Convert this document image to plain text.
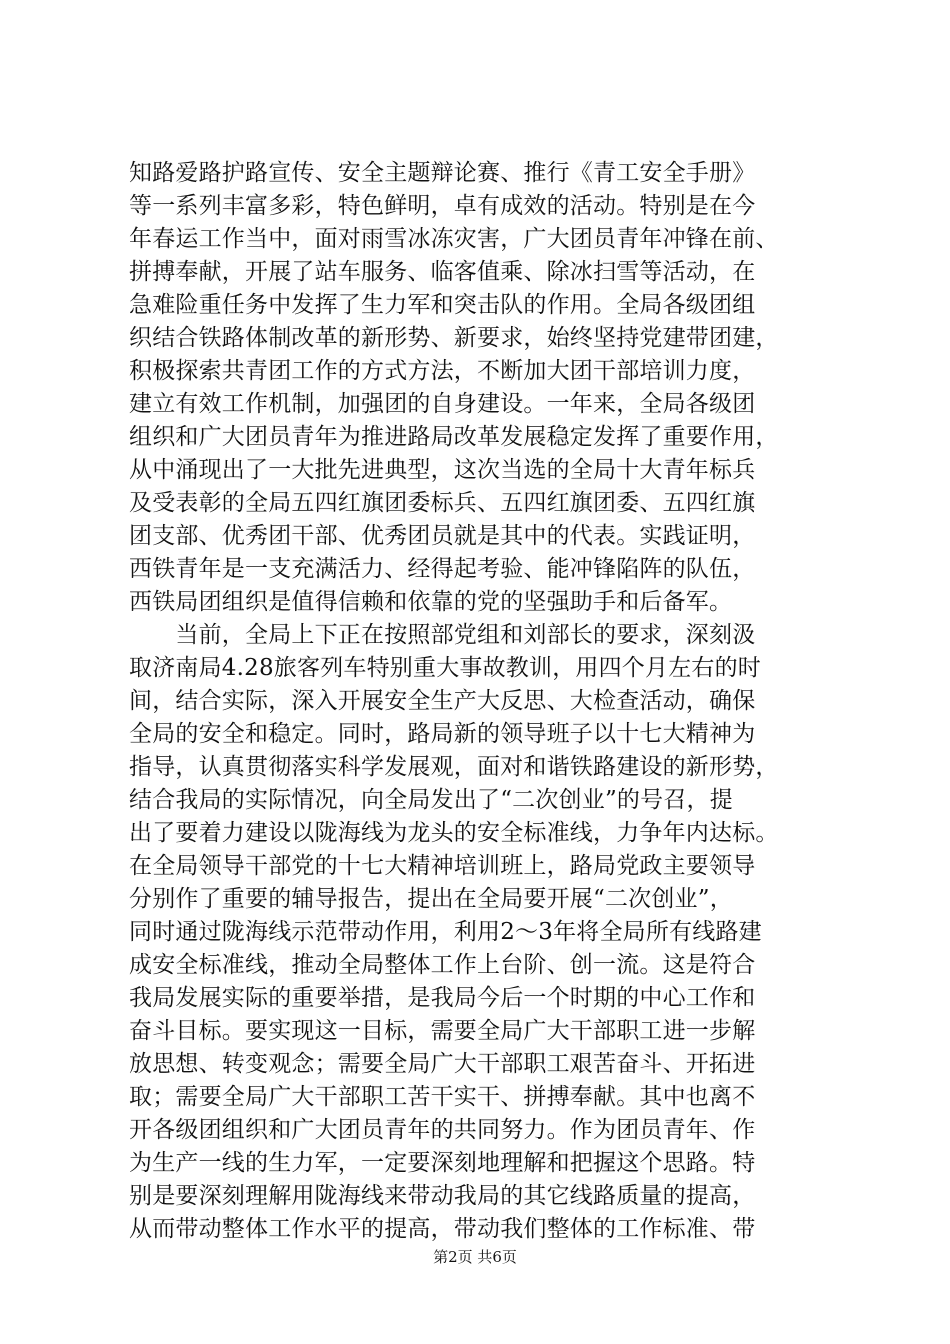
知路爱路护路宣传、安全主题辩论赛、推行《青工安全手册》
等一系列丰富多彩，特色鲜明，卓有成效的活动。特别是在今
年春运工作当中，面对雨雪冰冻灾害，广大团员青年冲锋在前、
拼搏奉献，开展了站车服务、临客值乘、除冰扫雪等活动，在
急难险重任务中发挥了生力军和突击队的作用。全局各级团组
织结合铁路体制改革的新形势、新要求，始终坚持党建带团建，
积极探索共青团工作的方式方法，不断加大团干部培训力度，
建立有效工作机制，加强团的自身建设。一年来，全局各级团
组织和广大团员青年为推进路局改革发展稳定发挥了重要作用，
从中涌现出了一大批先进典型，这次当选的全局十大青年标兵
及受表彰的全局五四红旗团委标兵、五四红旗团委、五四红旗
团支部、优秀团干部、优秀团员就是其中的代表。实践证明，
西铁青年是一支充满活力、经得起考验、能冲锋陷阵的队伍，
西铁局团组织是值得信赖和依靠的党的坚强助手和后备军。
　　当前，全局上下正在按照部党组和刘部长的要求，深刻汲
取济南局4.28旅客列车特别重大事故教训，用四个月左右的时
间，结合实际，深入开展安全生产大反思、大检查活动，确保
全局的安全和稳定。同时，路局新的领导班子以十七大精神为
指导，认真贯彻落实科学发展观，面对和谐铁路建设的新形势，
结合我局的实际情况，向全局发出了“二次创业”的号召，提
出了要着力建设以陇海线为龙头的安全标准线，力争年内达标。
在全局领导干部党的十七大精神培训班上，路局党政主要领导
分别作了重要的辅导报告，提出在全局要开展“二次创业”，
同时通过陇海线示范带动作用，利用2～3年将全局所有线路建
成安全标准线，推动全局整体工作上台阶、创一流。这是符合
我局发展实际的重要举措，是我局今后一个时期的中心工作和
奋斗目标。要实现这一目标，需要全局广大干部职工进一步解
放思想、转变观念；需要全局广大干部职工艰苦奋斗、开拓进
取；需要全局广大干部职工苦干实干、拼搏奉献。其中也离不
开各级团组织和广大团员青年的共同努力。作为团员青年、作
为生产一线的生力军，一定要深刻地理解和把握这个思路。特
别是要深刻理解用陇海线来带动我局的其它线路质量的提高，
从而带动整体工作水平的提高，带动我们整体的工作标准、带
第2页 共6页
